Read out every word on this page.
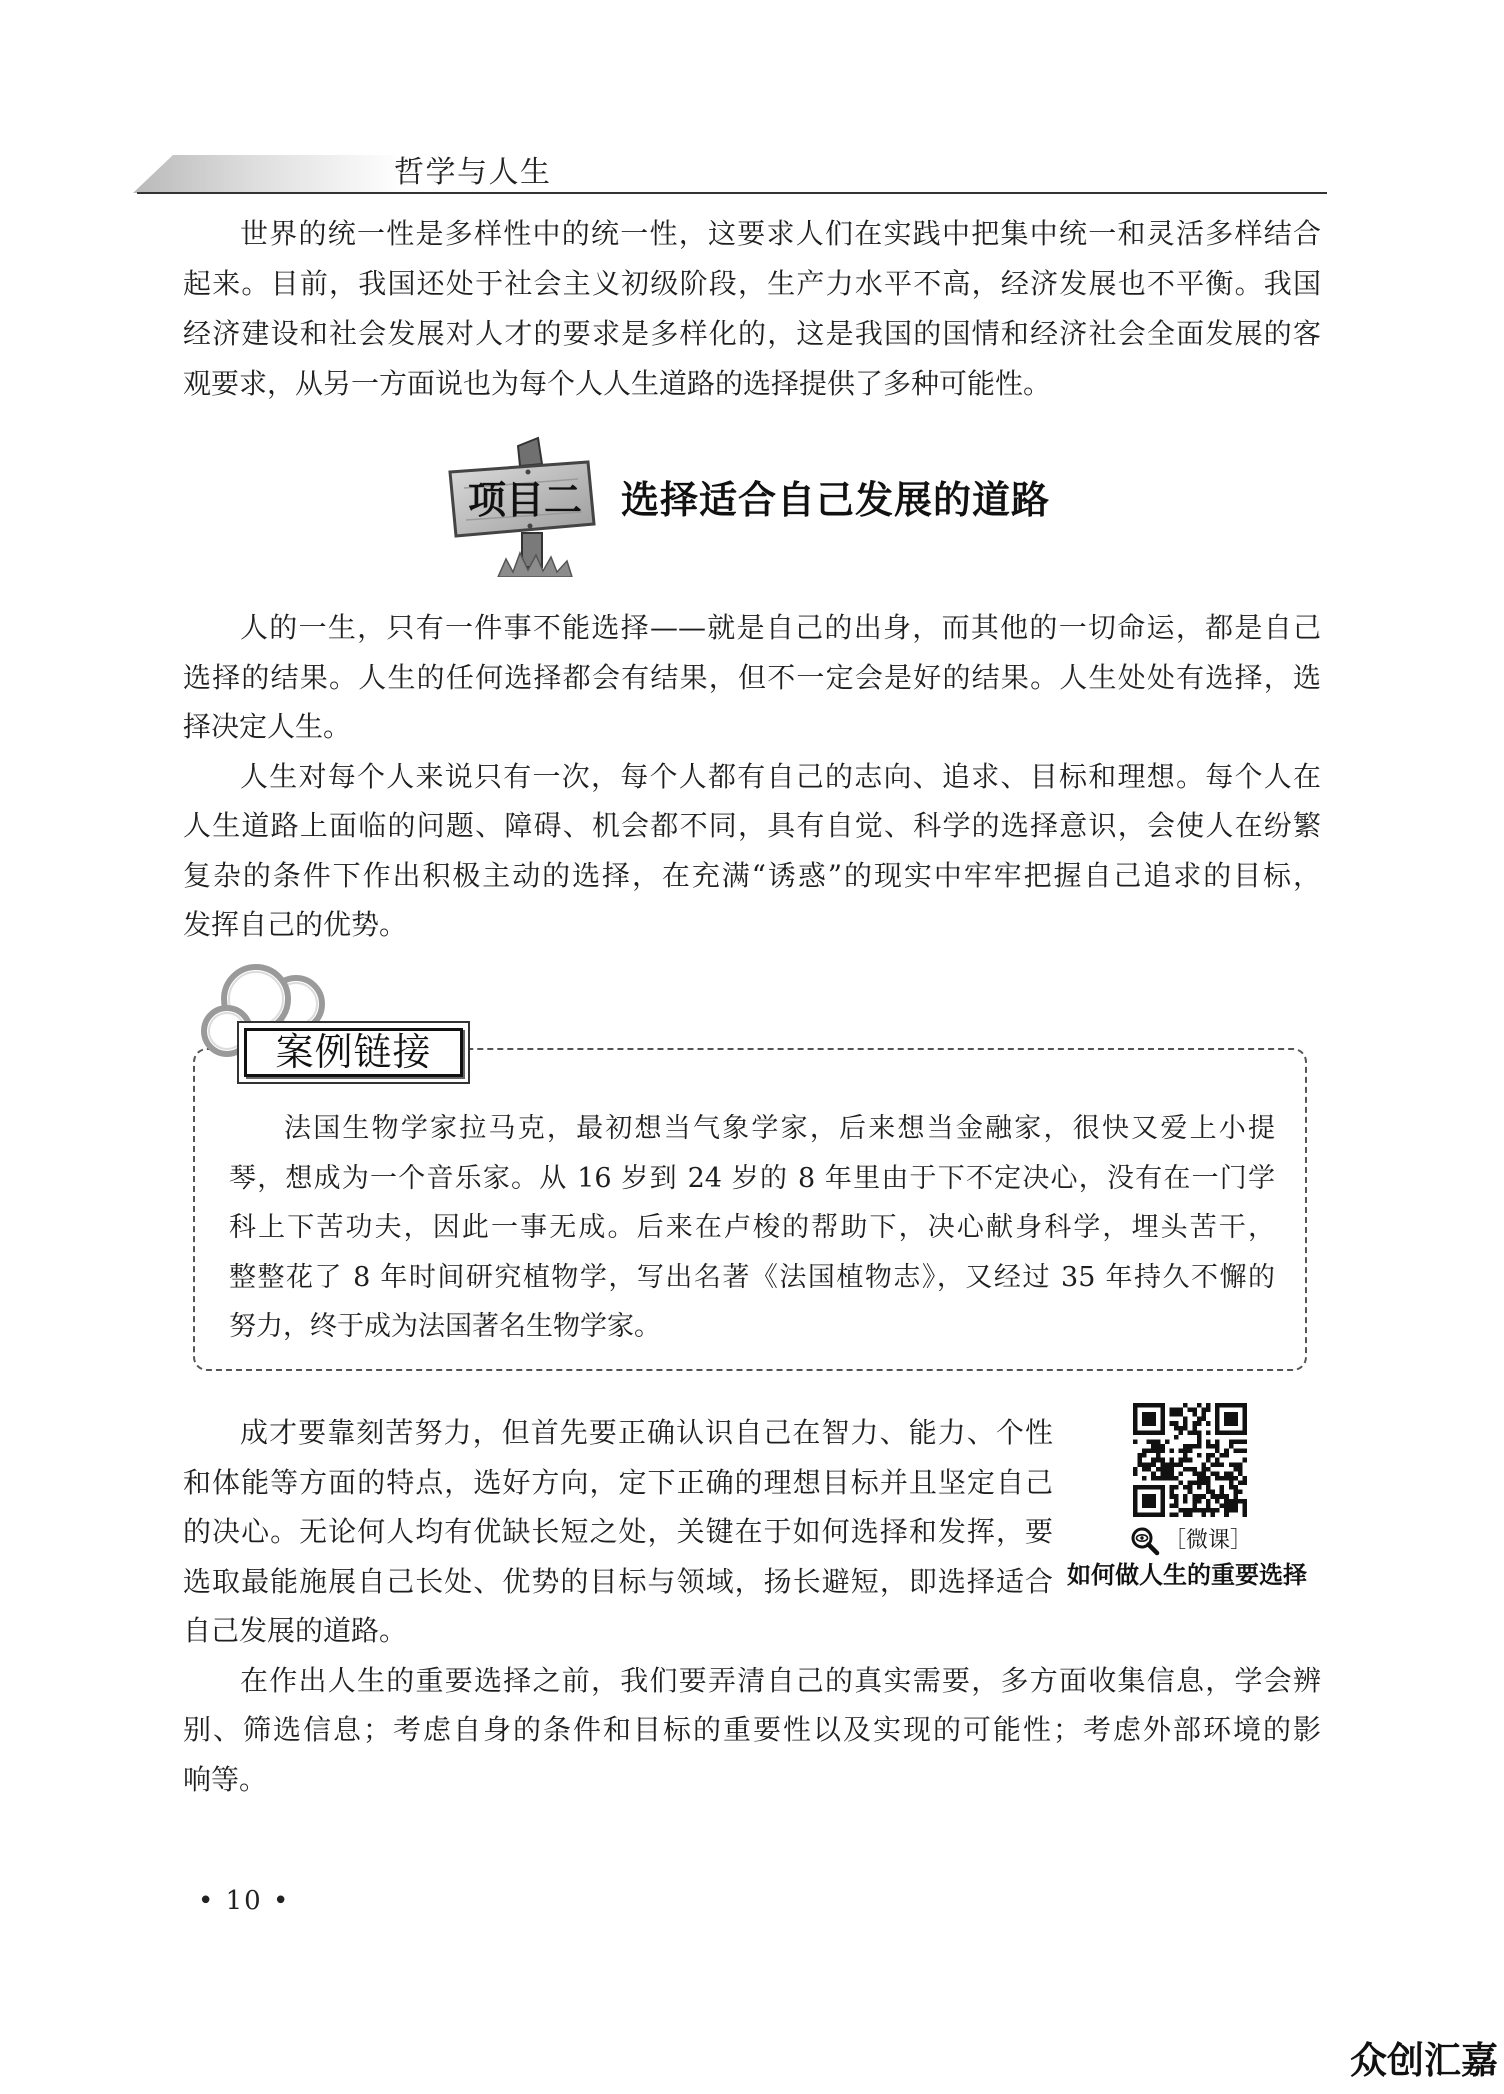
哲学与人生
世界的统一性是多样性中的统一性，这要求人们在实践中把集中统一和灵活多样结合
起来。目前，我国还处于社会主义初级阶段，生产力水平不高，经济发展也不平衡。我国
经济建设和社会发展对人才的要求是多样化的，这是我国的国情和经济社会全面发展的客
观要求，从另一方面说也为每个人人生道路的选择提供了多种可能性。
项目二 选择适合自己发展的道路
人的一生，只有一件事不能选择——就是自己的出身，而其他的一切命运，都是自己
选择的结果。人生的任何选择都会有结果，但不一定会是好的结果。人生处处有选择，选
择决定人生。
人生对每个人来说只有一次，每个人都有自己的志向、追求、目标和理想。每个人在
人生道路上面临的问题、障碍、机会都不同，具有自觉、科学的选择意识，会使人在纷繁
复杂的条件下作出积极主动的选择，在充满“诱惑”的现实中牢牢把握自己追求的目标，
发挥自己的优势。
案例链接
法国生物学家拉马克，最初想当气象学家，后来想当金融家，很快又爱上小提
琴，想成为一个音乐家。从 16 岁到 24 岁的 8 年里由于下不定决心，没有在一门学
科上下苦功夫，因此一事无成。后来在卢梭的帮助下，决心献身科学，埋头苦干，
整整花了 8 年时间研究植物学，写出名著《法国植物志》，又经过 35 年持久不懈的
努力，终于成为法国著名生物学家。
成才要靠刻苦努力，但首先要正确认识自己在智力、能力、个性
和体能等方面的特点，选好方向，定下正确的理想目标并且坚定自己
的决心。无论何人均有优缺长短之处，关键在于如何选择和发挥，要
选取最能施展自己长处、优势的目标与领域，扬长避短，即选择适合
自己发展的道路。
［微课］
如何做人生的重要选择
在作出人生的重要选择之前，我们要弄清自己的真实需要，多方面收集信息，学会辨
别、筛选信息；考虑自身的条件和目标的重要性以及实现的可能性；考虑外部环境的影
响等。
• 10 •
众创汇嘉
